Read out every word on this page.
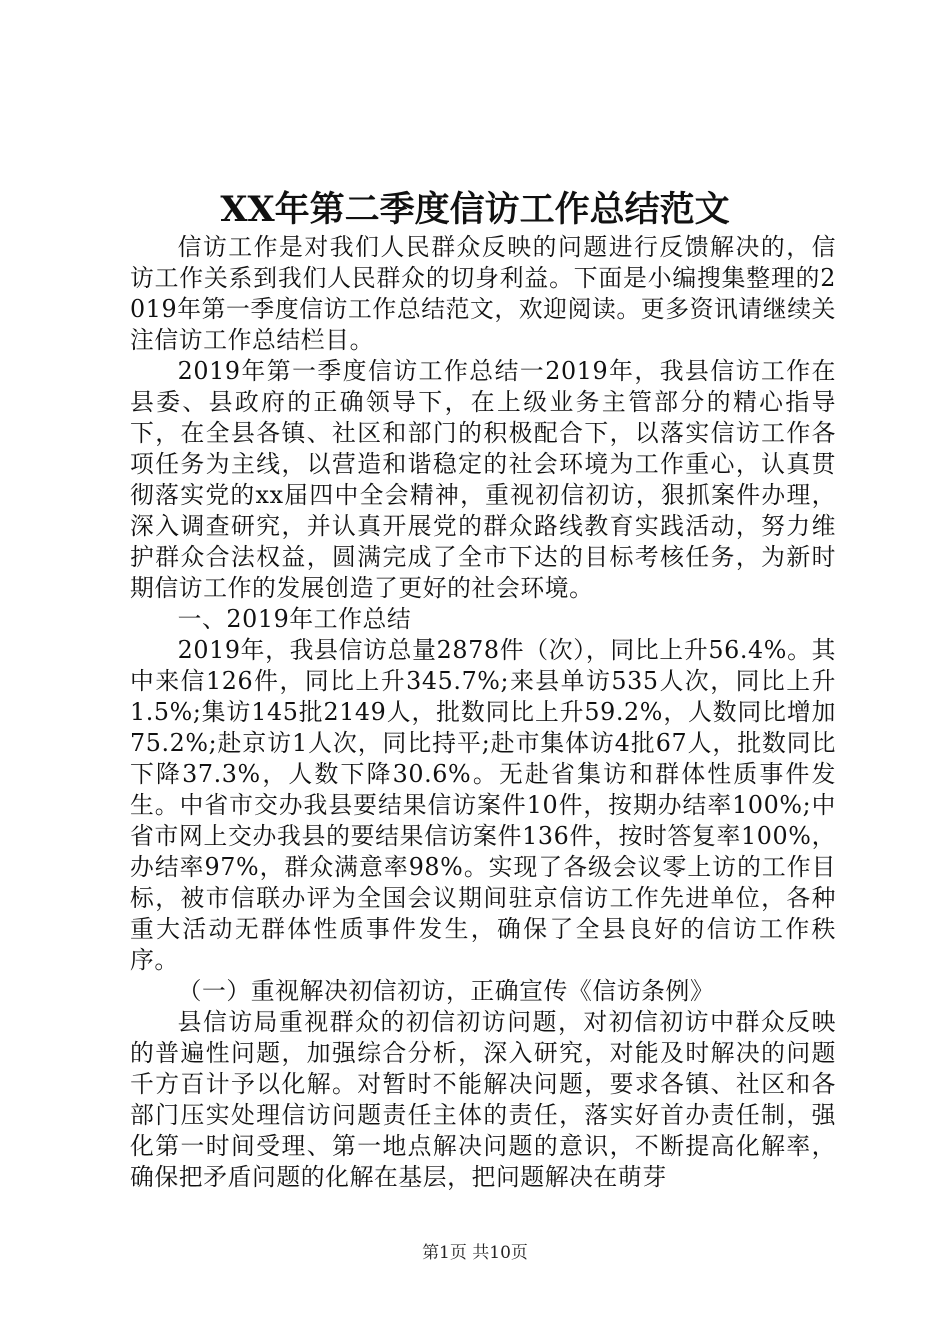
XX年第二季度信访工作总结范文

信访工作是对我们人民群众反映的问题进行反馈解决的，信访工作关系到我们人民群众的切身利益。下面是小编搜集整理的2019年第一季度信访工作总结范文，欢迎阅读。更多资讯请继续关注信访工作总结栏目。

2019年第一季度信访工作总结一2019年，我县信访工作在县委、县政府的正确领导下，在上级业务主管部分的精心指导下，在全县各镇、社区和部门的积极配合下，以落实信访工作各项任务为主线，以营造和谐稳定的社会环境为工作重心，认真贯彻落实党的xx届四中全会精神，重视初信初访，狠抓案件办理，深入调查研究，并认真开展党的群众路线教育实践活动，努力维护群众合法权益，圆满完成了全市下达的目标考核任务，为新时期信访工作的发展创造了更好的社会环境。

一、2019年工作总结

2019年，我县信访总量2878件（次），同比上升56.4%。其中来信126件，同比上升345.7%;来县单访535人次，同比上升1.5%;集访145批2149人，批数同比上升59.2%，人数同比增加75.2%;赴京访1人次，同比持平;赴市集体访4批67人，批数同比下降37.3%，人数下降30.6%。无赴省集访和群体性质事件发生。中省市交办我县要结果信访案件10件，按期办结率100%;中省市网上交办我县的要结果信访案件136件，按时答复率100%，办结率97%，群众满意率98%。实现了各级会议零上访的工作目标，被市信联办评为全国会议期间驻京信访工作先进单位，各种重大活动无群体性质事件发生，确保了全县良好的信访工作秩序。

（一）重视解决初信初访，正确宣传《信访条例》

县信访局重视群众的初信初访问题，对初信初访中群众反映的普遍性问题，加强综合分析，深入研究，对能及时解决的问题千方百计予以化解。对暂时不能解决问题，要求各镇、社区和各部门压实处理信访问题责任主体的责任，落实好首办责任制，强化第一时间受理、第一地点解决问题的意识，不断提高化解率，确保把矛盾问题的化解在基层，把问题解决在萌芽

第1页 共10页
